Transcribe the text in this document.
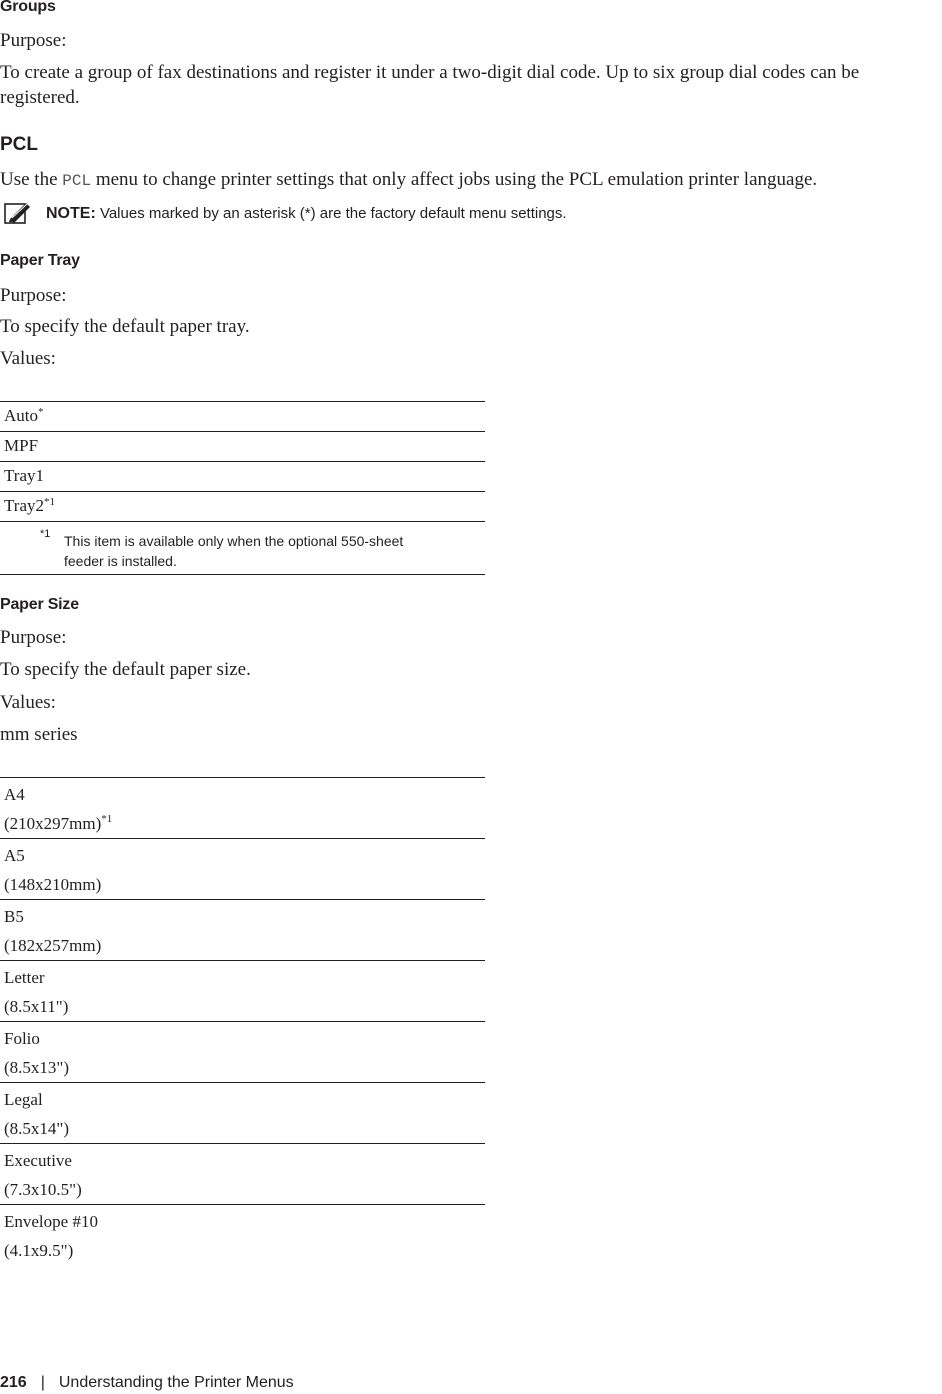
Groups
Purpose:
To create a group of fax destinations and register it under a two-digit dial code. Up to six group dial codes can be registered.
PCL
Use the PCL menu to change printer settings that only affect jobs using the PCL emulation printer language.
NOTE: Values marked by an asterisk (*) are the factory default menu settings.
Paper Tray
Purpose:
To specify the default paper tray.
Values:
Auto*
MPF
Tray1
Tray2$^{*1}$
*1 This item is available only when the optional 550-sheet feeder is installed.
Paper Size
Purpose:
To specify the default paper size.
Values:
mm series
A4
$(210x297mm)^{*1}$
A5
(148x210mm)
B5
(182x257mm)
Letter
(8.5x11")
Folio
(8.5x13")
Legal
(8.5x14")
Executive
(7.3x10.5")
Envelope #10
(4.1x9.5")
216 | Understanding the Printer Menus
